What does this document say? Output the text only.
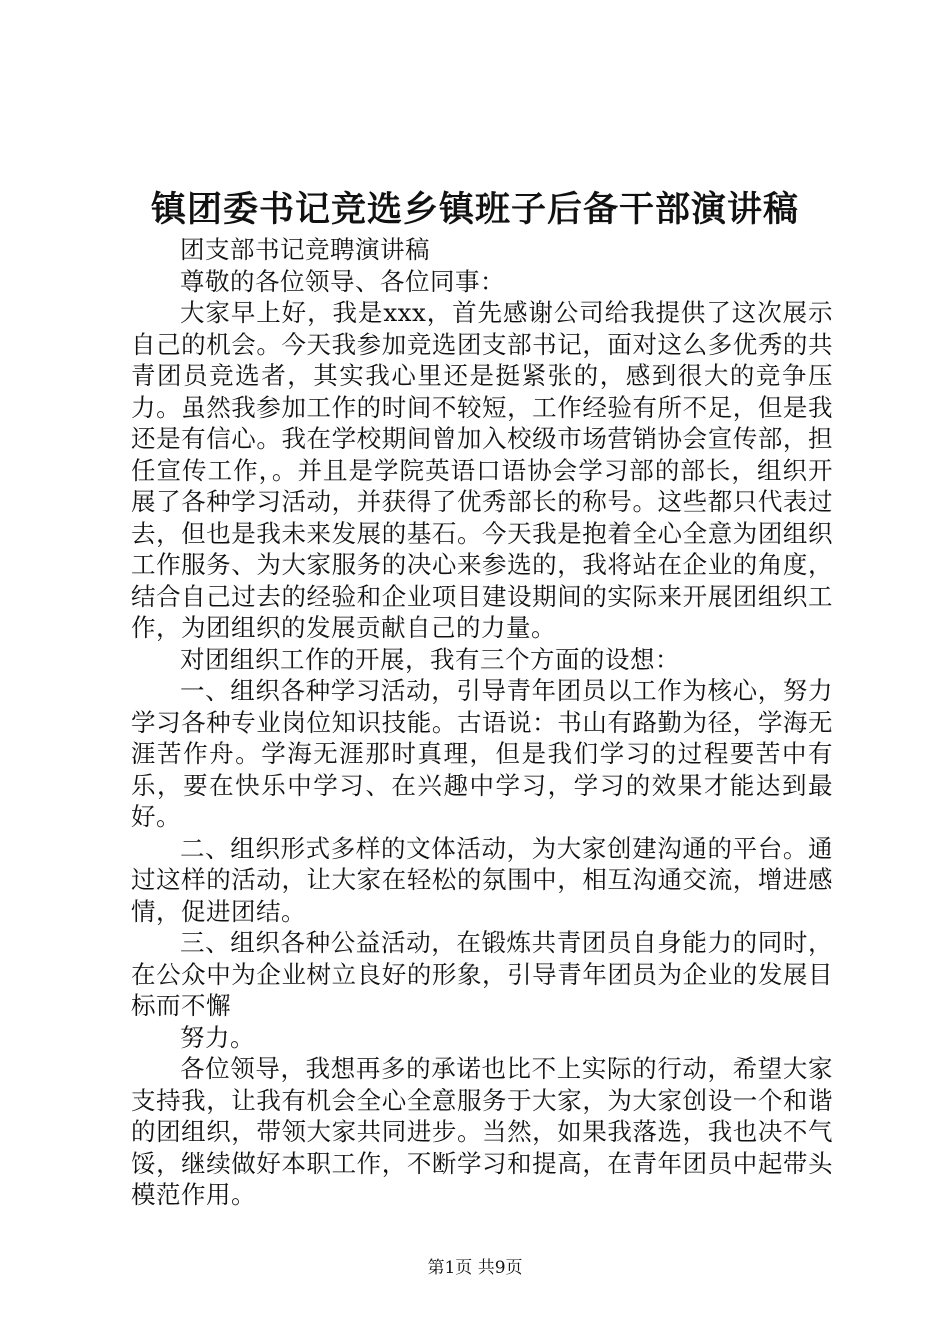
镇团委书记竞选乡镇班子后备干部演讲稿

团支部书记竞聘演讲稿

尊敬的各位领导、各位同事：

大家早上好，我是xxx，首先感谢公司给我提供了这次展示自己的机会。今天我参加竞选团支部书记，面对这么多优秀的共青团员竞选者，其实我心里还是挺紧张的，感到很大的竞争压力。虽然我参加工作的时间不较短，工作经验有所不足，但是我还是有信心。我在学校期间曾加入校级市场营销协会宣传部，担任宣传工作，。并且是学院英语口语协会学习部的部长，组织开展了各种学习活动，并获得了优秀部长的称号。这些都只代表过去，但也是我未来发展的基石。今天我是抱着全心全意为团组织工作服务、为大家服务的决心来参选的，我将站在企业的角度，结合自己过去的经验和企业项目建设期间的实际来开展团组织工作，为团组织的发展贡献自己的力量。

对团组织工作的开展，我有三个方面的设想：

一、组织各种学习活动，引导青年团员以工作为核心，努力学习各种专业岗位知识技能。古语说：书山有路勤为径，学海无涯苦作舟。学海无涯那时真理，但是我们学习的过程要苦中有乐，要在快乐中学习、在兴趣中学习，学习的效果才能达到最好。

二、组织形式多样的文体活动，为大家创建沟通的平台。通过这样的活动，让大家在轻松的氛围中，相互沟通交流，增进感情，促进团结。

三、组织各种公益活动，在锻炼共青团员自身能力的同时，在公众中为企业树立良好的形象，引导青年团员为企业的发展目标而不懈

努力。

各位领导，我想再多的承诺也比不上实际的行动，希望大家支持我，让我有机会全心全意服务于大家，为大家创设一个和谐的团组织，带领大家共同进步。当然，如果我落选，我也决不气馁，继续做好本职工作，不断学习和提高，在青年团员中起带头模范作用。

第1页 共9页
